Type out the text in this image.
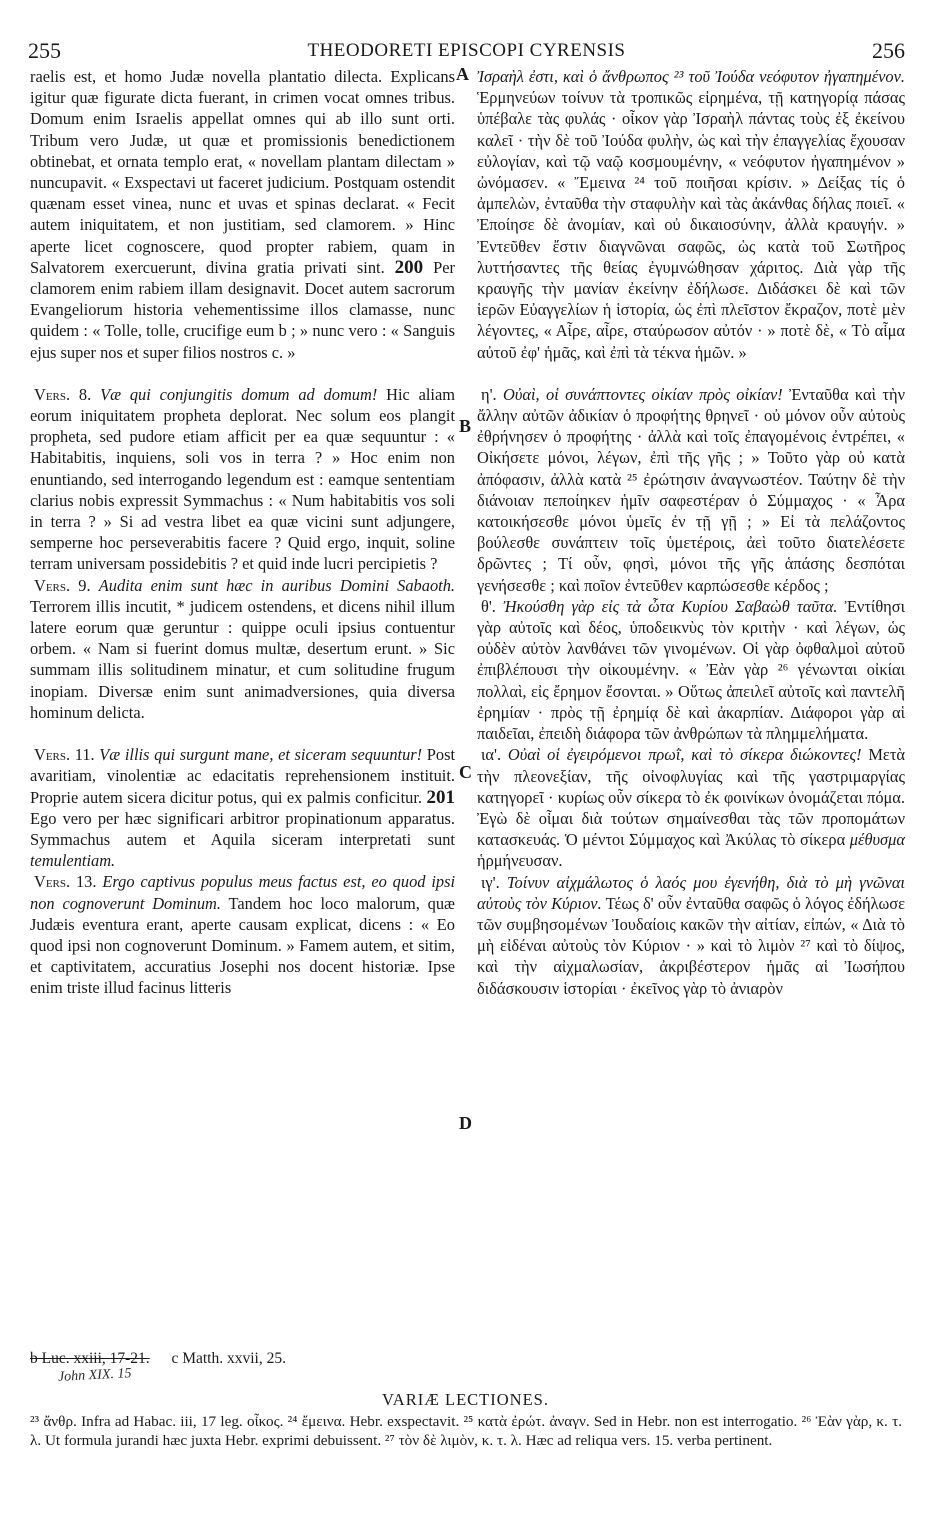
255	THEODORETI EPISCOPI CYRENSIS	256
A
B
C
D

raelis est, et homo Judæ novella plantatio dilecta. Explicans igitur quæ figurate dicta fuerant, in crimen vocat omnes tribus. Domum enim Israelis appellat omnes qui ab illo sunt orti. Tribum vero Judæ, ut quæ et promissionis benedictionem obtinebat, et ornata templo erat, « novellam plantam dilectam » nuncupavit. « Exspectavi ut faceret judicium. Postquam ostendit quænam esset vinea, nunc et uvas et spinas declarat. « Fecit autem iniquitatem, et non justitiam, sed clamorem. » Hinc aperte licet cognoscere, quod propter rabiem, quam in Salvatorem exercuerunt, divina gratia privati sint. 200 Per clamorem enim rabiem illam designavit. Docet autem sacrorum Evangeliorum historia vehementissime illos clamasse, nunc quidem : « Tolle, tolle, crucifige eum b ; » nunc vero : « Sanguis ejus super nos et super filios nostros c. »

Vers. 8. Væ qui conjungitis domum ad domum! Hic aliam eorum iniquitatem propheta deplorat. Nec solum eos plangit propheta, sed pudore etiam afficit per ea quæ sequuntur : « Habitabitis, inquiens, soli vos in terra ? » Hoc enim non enuntiando, sed interrogando legendum est : eamque sententiam clarius nobis expressit Symmachus : « Num habitabitis vos soli in terra ? » Si ad vestra libet ea quæ vicini sunt adjungere, semperne hoc perseverabitis facere ? Quid ergo, inquit, soline terram universam possidebitis ? et quid inde lucri percipietis ?

Vers. 9. Audita enim sunt hæc in auribus Domini Sabaoth. Terrorem illis incutit, * judicem ostendens, et dicens nihil illum latere eorum quæ geruntur : quippe oculi ipsius contuentur orbem. « Nam si fuerint domus multæ, desertum erunt. » Sic summam illis solitudinem minatur, et cum solitudine frugum inopiam. Diversæ enim sunt animadversiones, quia diversa hominum delicta.

Vers. 11. Væ illis qui surgunt mane, et siceram sequuntur! Post avaritiam, vinolentiæ ac edacitatis reprehensionem instituit. Proprie autem sicera dicitur potus, qui ex palmis conficitur. 201 Ego vero per hæc significari arbitror propinationum apparatus. Symmachus autem et Aquila siceram interpretati sunt temulentiam.

Vers. 13. Ergo captivus populus meus factus est, eo quod ipsi non cognoverunt Dominum. Tandem hoc loco malorum, quæ Judæis eventura erant, aperte causam explicat, dicens : « Eo quod ipsi non cognoverunt Dominum. » Famem autem, et sitim, et captivitatem, accuratius Josephi nos docent historiæ. Ipse enim triste illud facinus litteris

Ἰσραὴλ ἐστι, καὶ ὁ ἄνθρωπος ²³ τοῦ Ἰούδα νεόφυτον ἠγαπημένον. Ἑρμηνεύων τοίνυν τὰ τροπικῶς εἰρημένα, τῇ κατηγορίᾳ πάσας ὑπέβαλε τὰς φυλάς · οἶκον γὰρ Ἰσραὴλ πάντας τοὺς ἐξ ἐκείνου καλεῖ · τὴν δὲ τοῦ Ἰούδα φυλὴν, ὡς καὶ τὴν ἐπαγγελίας ἔχουσαν εὐλογίαν, καὶ τῷ ναῷ κοσμουμένην, « νεόφυτον ἠγαπημένον » ὠνόμασεν. « Ἔμεινα ²⁴ τοῦ ποιῆσαι κρίσιν. » Δείξας τίς ὁ ἀμπελὼν, ἐνταῦθα τὴν σταφυλὴν καὶ τὰς ἀκάνθας δήλας ποιεῖ. « Ἐποίησε δὲ ἀνομίαν, καὶ οὐ δικαιοσύνην, ἀλλὰ κραυγήν. » Ἐντεῦθεν ἔστιν διαγνῶναι σαφῶς, ὡς κατὰ τοῦ Σωτῆρος λυττήσαντες τῆς θείας ἐγυμνώθησαν χάριτος. Διὰ γὰρ τῆς κραυγῆς τὴν μανίαν ἐκείνην ἐδήλωσε. Διδάσκει δὲ καὶ τῶν ἱερῶν Εὐαγγελίων ἡ ἱστορία, ὡς ἐπὶ πλεῖστον ἔκραζον, ποτὲ μὲν λέγοντες, « Αἶρε, αἶρε, σταύρωσον αὐτόν · » ποτὲ δὲ, « Τὸ αἷμα αὐτοῦ ἐφ' ἡμᾶς, καὶ ἐπὶ τὰ τέκνα ἡμῶν. »

η'. Οὐαὶ, οἱ συνάπτοντες οἰκίαν πρὸς οἰκίαν! Ἐνταῦθα καὶ τὴν ἄλλην αὐτῶν ἀδικίαν ὁ προφήτης θρηνεῖ · οὐ μόνον οὖν αὐτοὺς ἐθρήνησεν ὁ προφήτης · ἀλλὰ καὶ τοῖς ἐπαγομένοις ἐντρέπει, « Οἰκήσετε μόνοι, λέγων, ἐπὶ τῆς γῆς ; » Τοῦτο γὰρ οὐ κατὰ ἀπόφασιν, ἀλλὰ κατὰ ²⁵ ἐρώτησιν ἀναγνωστέον. Ταύτην δὲ τὴν διάνοιαν πεποίηκεν ἡμῖν σαφεστέραν ὁ Σύμμαχος · « Ἆρα κατοικήσεσθε μόνοι ὑμεῖς ἐν τῇ γῇ ; » Εἰ τὰ πελάζοντος βούλεσθε συνάπτειν τοῖς ὑμετέροις, ἀεὶ τοῦτο διατελέσετε δρῶντες ; Τί οὖν, φησὶ, μόνοι τῆς γῆς ἁπάσης δεσπόται γενήσεσθε ; καὶ ποῖον ἐντεῦθεν καρπώσεσθε κέρδος ;

θ'. Ἠκούσθη γὰρ εἰς τὰ ὦτα Κυρίου Σαβαὼθ ταῦτα. Ἐντίθησι γὰρ αὐτοῖς καὶ δέος, ὑποδεικνὺς τὸν κριτὴν · καὶ λέγων, ὡς οὐδὲν αὐτὸν λανθάνει τῶν γινομένων. Οἱ γὰρ ὀφθαλμοὶ αὐτοῦ ἐπιβλέπουσι τὴν οἰκουμένην. « Ἐὰν γὰρ ²⁶ γένωνται οἰκίαι πολλαὶ, εἰς ἔρημον ἔσονται. » Οὕτως ἀπειλεῖ αὐτοῖς καὶ παντελῆ ἐρημίαν · πρὸς τῇ ἐρημίᾳ δὲ καὶ ἀκαρπίαν. Διάφοροι γὰρ αἱ παιδεῖαι, ἐπειδὴ διάφορα τῶν ἀνθρώπων τὰ πλημμελήματα.

ια'. Οὐαὶ οἱ ἐγειρόμενοι πρωῒ, καὶ τὸ σίκερα διώκοντες! Μετὰ τὴν πλεονεξίαν, τῆς οἰνοφλυγίας καὶ τῆς γαστριμαργίας κατηγορεῖ · κυρίως οὖν σίκερα τὸ ἐκ φοινίκων ὀνομάζεται πόμα. Ἐγὼ δὲ οἶμαι διὰ τούτων σημαίνεσθαι τὰς τῶν προπομάτων κατασκευάς. Ὁ μέντοι Σύμμαχος καὶ Ἀκύλας τὸ σίκερα μέθυσμα ἡρμήνευσαν.

ιγ'. Τοίνυν αἰχμάλωτος ὁ λαός μου ἐγενήθη, διὰ τὸ μὴ γνῶναι αὐτοὺς τὸν Κύριον. Τέως δ' οὖν ἐνταῦθα σαφῶς ὁ λόγος ἐδήλωσε τῶν συμβησομένων Ἰουδαίοις κακῶν τὴν αἰτίαν, εἰπών, « Διὰ τὸ μὴ εἰδέναι αὐτοὺς τὸν Κύριον · » καὶ τὸ λιμὸν ²⁷ καὶ τὸ δίψος, καὶ τὴν αἰχμαλωσίαν, ἀκριβέστερον ἡμᾶς αἱ Ἰωσήπου διδάσκουσιν ἱστορίαι · ἐκεῖνος γὰρ τὸ ἀνιαρὸν

b Luc. xxiii, 17-21. c Matth. xxvii, 25.
John XIX. 15
VARIÆ LECTIONES.
²³ ἄνθρ. Infra ad Habac. iii, 17 leg. οἶκος. ²⁴ ἔμεινα. Hebr. exspectavit. ²⁵ κατὰ ἐρώτ. ἀναγν. Sed in Hebr. non est interrogatio. ²⁶ Ἐὰν γὰρ, κ. τ. λ. Ut formula jurandi hæc juxta Hebr. exprimi debuissent. ²⁷ τὸν δὲ λιμὸν, κ. τ. λ. Hæc ad reliqua vers. 15. verba pertinent.
